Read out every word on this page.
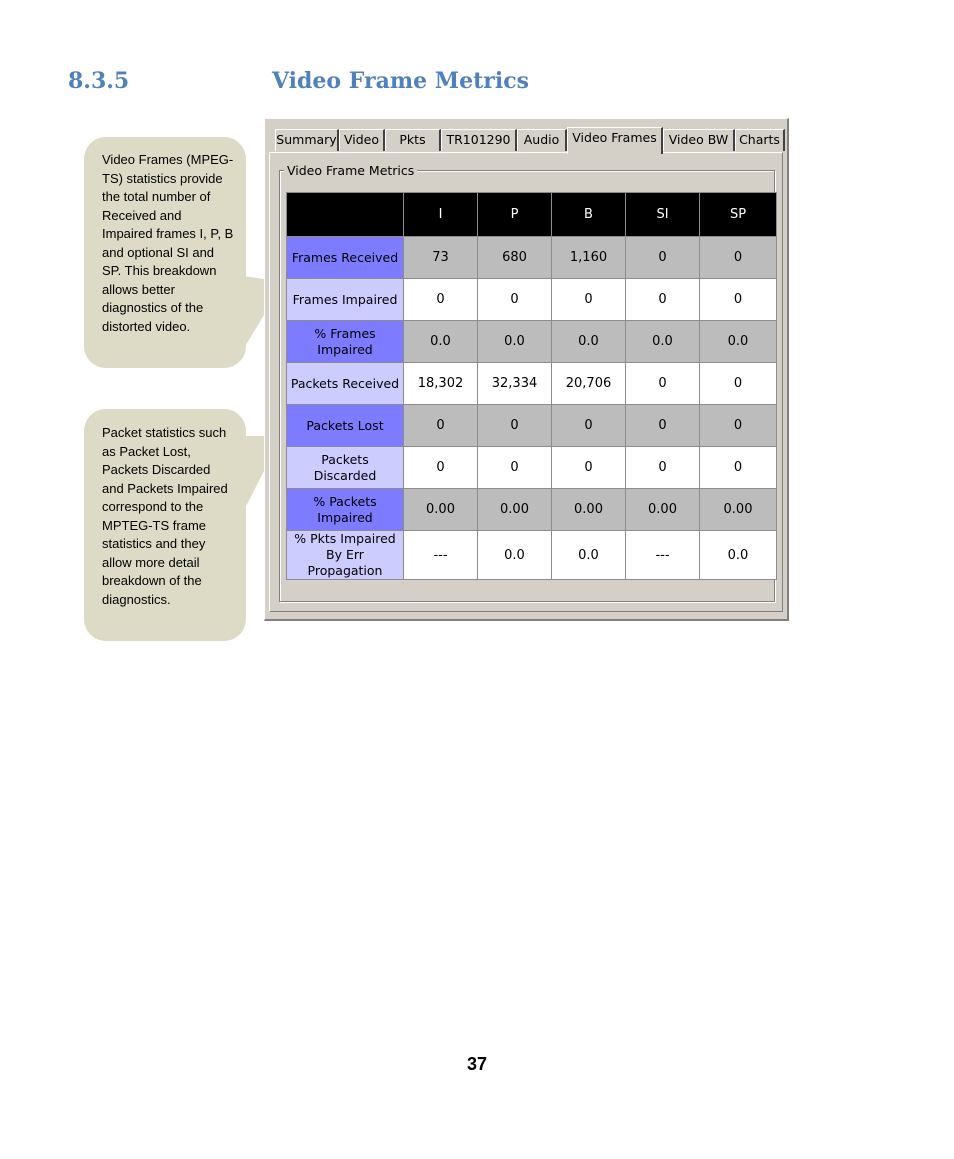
8.3.5	Video Frame Metrics
Video Frames (MPEG-TS) statistics provide the total number of Received and Impaired frames I, P, B and optional SI and SP. This breakdown allows better diagnostics of the distorted video.
Packet statistics such as Packet Lost, Packets Discarded and Packets Impaired correspond to the MPTEG-TS frame statistics and they allow more detail breakdown of the diagnostics.
Summary Video	Pkts	TR101290	Audio	Video Frames Video BW Charts
Video Frame Metrics
	I	P	B	SI	SP
Frames Received	73	680	1,160	0	0
Frames Impaired	0	0	0	0	0
% Frames Impaired	0.0	0.0	0.0	0.0	0.0
Packets Received	18,302	32,334	20,706	0	0
Packets Lost	0	0	0	0	0
Packets Discarded	0	0	0	0	0
% Packets Impaired	0.00	0.00	0.00	0.00	0.00
% Pkts Impaired By Err Propagation	---	0.0	0.0	---	0.0
37
